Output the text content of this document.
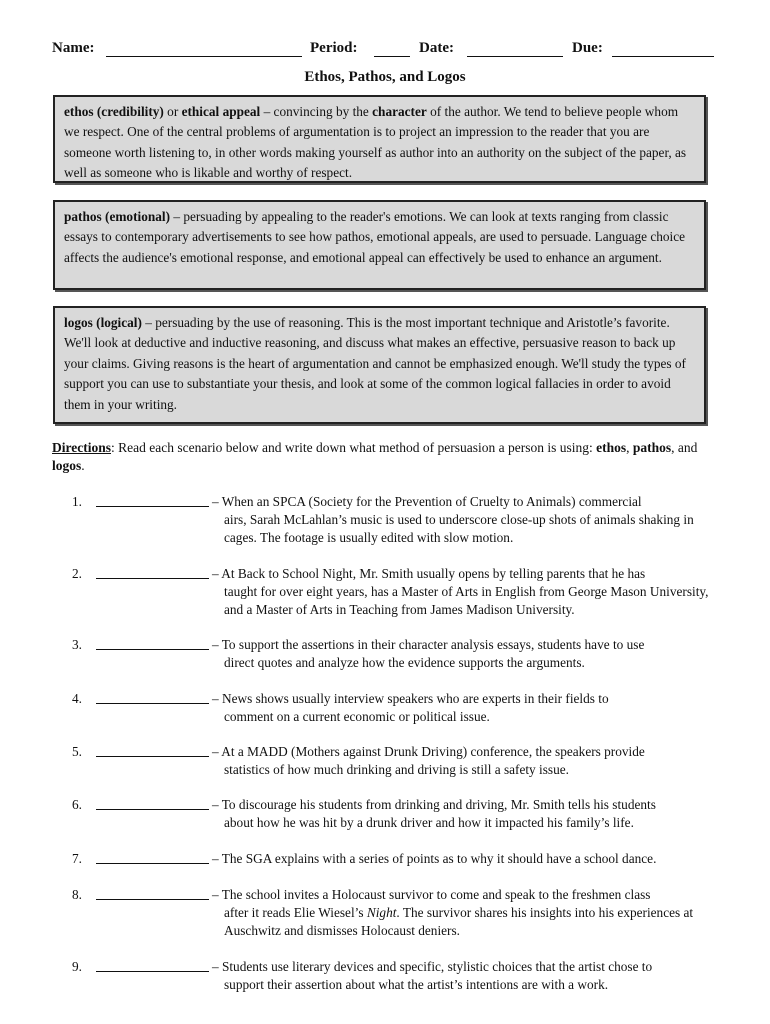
Name:	Period:	Date:	Due:
Ethos, Pathos, and Logos
ethos (credibility) or ethical appeal – convincing by the character of the author. We tend to believe people whom we respect. One of the central problems of argumentation is to project an impression to the reader that you are someone worth listening to, in other words making yourself as author into an authority on the subject of the paper, as well as someone who is likable and worthy of respect.
pathos (emotional) – persuading by appealing to the reader's emotions. We can look at texts ranging from classic essays to contemporary advertisements to see how pathos, emotional appeals, are used to persuade. Language choice affects the audience's emotional response, and emotional appeal can effectively be used to enhance an argument.
logos (logical) – persuading by the use of reasoning. This is the most important technique and Aristotle’s favorite. We'll look at deductive and inductive reasoning, and discuss what makes an effective, persuasive reason to back up your claims. Giving reasons is the heart of argumentation and cannot be emphasized enough. We'll study the types of support you can use to substantiate your thesis, and look at some of the common logical fallacies in order to avoid them in your writing.
Directions: Read each scenario below and write down what method of persuasion a person is using: ethos, pathos, and logos.
1.	– When an SPCA (Society for the Prevention of Cruelty to Animals) commercial
airs, Sarah McLahlan’s music is used to underscore close-up shots of animals shaking in cages. The footage is usually edited with slow motion.
2.	– At Back to School Night, Mr. Smith usually opens by telling parents that he has
taught for over eight years, has a Master of Arts in English from George Mason University, and a Master of Arts in Teaching from James Madison University.
3.	– To support the assertions in their character analysis essays, students have to use
direct quotes and analyze how the evidence supports the arguments.
4.	– News shows usually interview speakers who are experts in their fields to
comment on a current economic or political issue.
5.	– At a MADD (Mothers against Drunk Driving) conference, the speakers provide
statistics of how much drinking and driving is still a safety issue.
6.	– To discourage his students from drinking and driving, Mr. Smith tells his students
about how he was hit by a drunk driver and how it impacted his family’s life.
7.	– The SGA explains with a series of points as to why it should have a school dance.
8.	– The school invites a Holocaust survivor to come and speak to the freshmen class
after it reads Elie Wiesel’s Night. The survivor shares his insights into his experiences at Auschwitz and dismisses Holocaust deniers.
9.	– Students use literary devices and specific, stylistic choices that the artist chose to
support their assertion about what the artist’s intentions are with a work.
